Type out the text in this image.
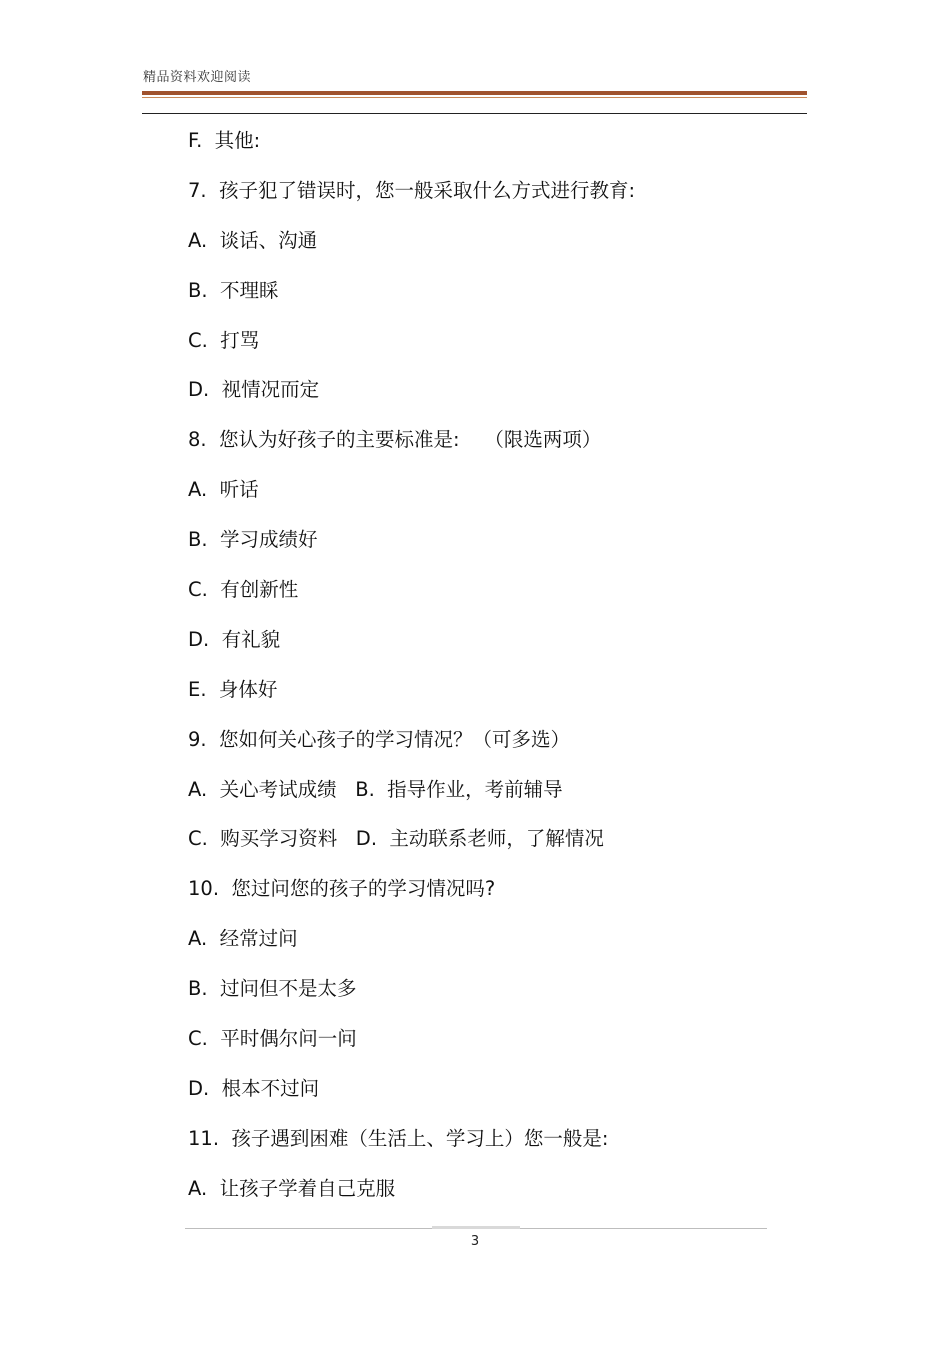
精品资料欢迎阅读
F.  其他:
7.  孩子犯了错误时，您一般采取什么方式进行教育:
A.  谈话、沟通
B.  不理睬
C.  打骂
D.  视情况而定
8.  您认为好孩子的主要标准是:    （限选两项）
A.  听话
B.  学习成绩好
C.  有创新性
D.  有礼貌
E.  身体好
9.  您如何关心孩子的学习情况？（可多选）
A.  关心考试成绩   B.  指导作业，考前辅导
C.  购买学习资料   D.  主动联系老师，了解情况
10.  您过问您的孩子的学习情况吗?
A.  经常过问
B.  过问但不是太多
C.  平时偶尔问一问
D.  根本不过问
11.  孩子遇到困难（生活上、学习上）您一般是:
A.  让孩子学着自己克服
3
